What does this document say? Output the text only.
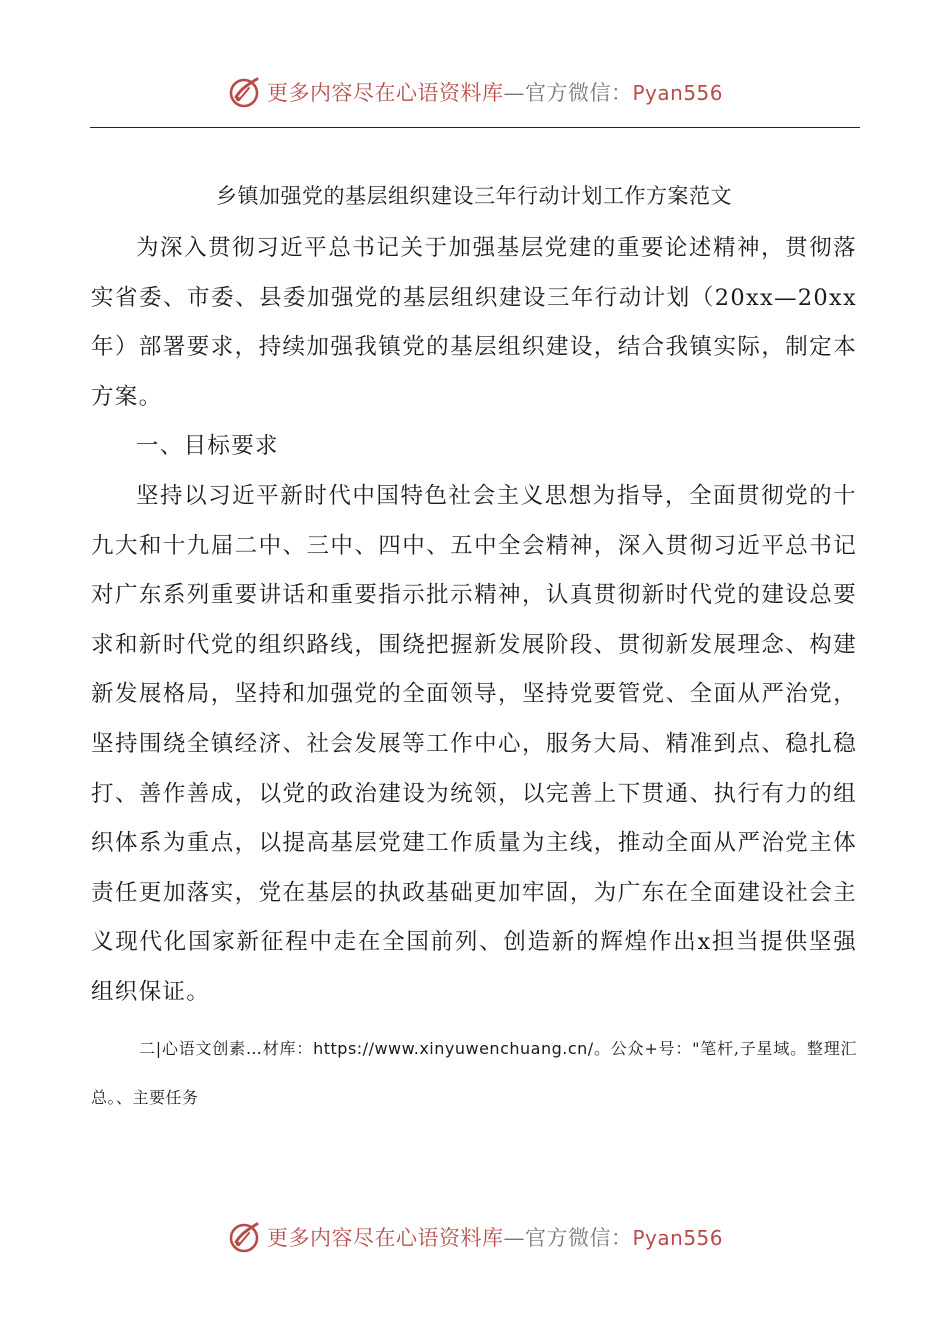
更多内容尽在心语资料库—官方微信：Pyan556

乡镇加强党的基层组织建设三年行动计划工作方案范文

为深入贯彻习近平总书记关于加强基层党建的重要论述精神，贯彻落实省委、市委、县委加强党的基层组织建设三年行动计划（20xx—20xx年）部署要求，持续加强我镇党的基层组织建设，结合我镇实际，制定本方案。

一、目标要求

坚持以习近平新时代中国特色社会主义思想为指导，全面贯彻党的十九大和十九届二中、三中、四中、五中全会精神，深入贯彻习近平总书记对广东系列重要讲话和重要指示批示精神，认真贯彻新时代党的建设总要求和新时代党的组织路线，围绕把握新发展阶段、贯彻新发展理念、构建新发展格局，坚持和加强党的全面领导，坚持党要管党、全面从严治党，坚持围绕全镇经济、社会发展等工作中心，服务大局、精准到点、稳扎稳打、善作善成，以党的政治建设为统领，以完善上下贯通、执行有力的组织体系为重点，以提高基层党建工作质量为主线，推动全面从严治党主体责任更加落实，党在基层的执政基础更加牢固，为广东在全面建设社会主义现代化国家新征程中走在全国前列、创造新的辉煌作出x担当提供坚强组织保证。

二|心语文创素…材库：https://www.xinyuwenchuang.cn/。公众+号："笔杆,子星域。整理汇总。、主要任务

更多内容尽在心语资料库—官方微信：Pyan556
